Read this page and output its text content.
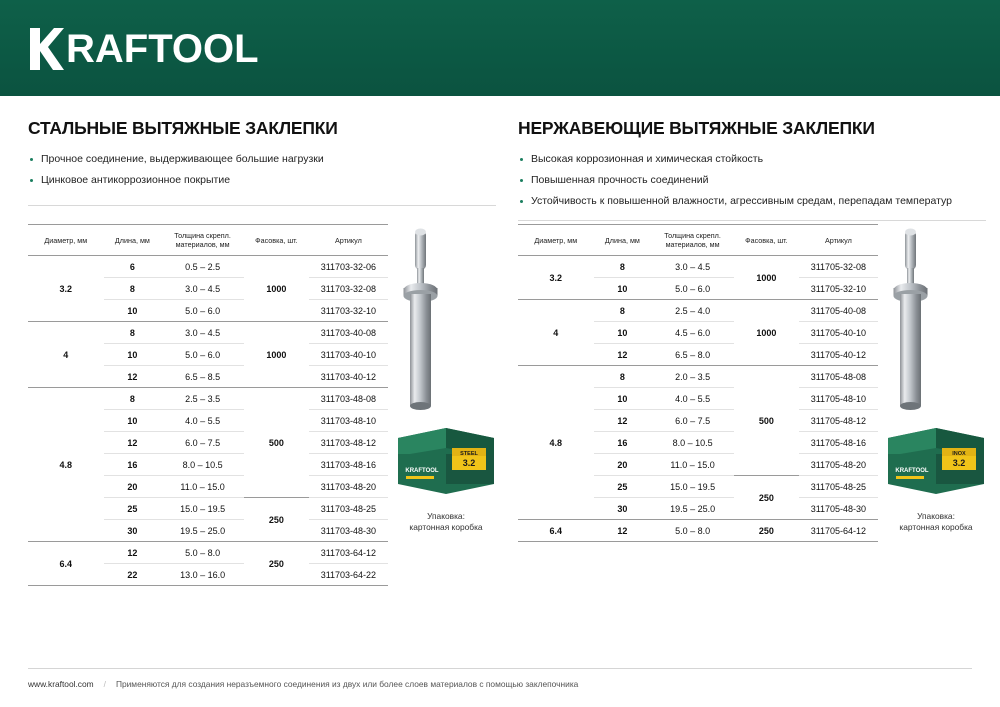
RAFTOOL
СТАЛЬНЫЕ ВЫТЯЖНЫЕ ЗАКЛЕПКИ
Прочное соединение, выдерживающее большие нагрузки
Цинковое антикоррозионное покрытие
НЕРЖАВЕЮЩИЕ ВЫТЯЖНЫЕ ЗАКЛЕПКИ
Высокая коррозионная и химическая стойкость
Повышенная прочность соединений
Устойчивость к повышенной влажности, агрессивным средам, перепадам температур
Диаметр, мм	Длина, мм	Толщина скрепл. материалов, мм	Фасовка, шт.	Артикул
3.2	6	0.5 – 2.5	1000	311703-32-06
	8	3.0 – 4.5		311703-32-08
	10	5.0 – 6.0		311703-32-10
4	8	3.0 – 4.5	1000	311703-40-08
	10	5.0 – 6.0		311703-40-10
	12	6.5 – 8.5		311703-40-12
4.8	8	2.5 – 3.5	500	311703-48-08
	10	4.0 – 5.5		311703-48-10
	12	6.0 – 7.5		311703-48-12
	16	8.0 – 10.5		311703-48-16
	20	11.0 – 15.0		311703-48-20
	25	15.0 – 19.5	250	311703-48-25
	30	19.5 – 25.0		311703-48-30
6.4	12	5.0 – 8.0	250	311703-64-12
	22	13.0 – 16.0		311703-64-22
Диаметр, мм	Длина, мм	Толщина скрепл. материалов, мм	Фасовка, шт.	Артикул
3.2	8	3.0 – 4.5	1000	311705-32-08
	10	5.0 – 6.0		311705-32-10
4	8	2.5 – 4.0	1000	311705-40-08
	10	4.5 – 6.0		311705-40-10
	12	6.5 – 8.0		311705-40-12
4.8	8	2.0 – 3.5	500	311705-48-08
	10	4.0 – 5.5		311705-48-10
	12	6.0 – 7.5		311705-48-12
	16	8.0 – 10.5		311705-48-16
	20	11.0 – 15.0		311705-48-20
	25	15.0 – 19.5	250	311705-48-25
	30	19.5 – 25.0		311705-48-30
6.4	12	5.0 – 8.0	250	311705-64-12
STEEL
3.2
KRAFTOOL
Упаковка:
картонная коробка
INOX
3.2
KRAFTOOL
Упаковка:
картонная коробка
www.kraftool.com / Применяются для создания неразъемного соединения из двух или более слоев материалов с помощью заклепочника
